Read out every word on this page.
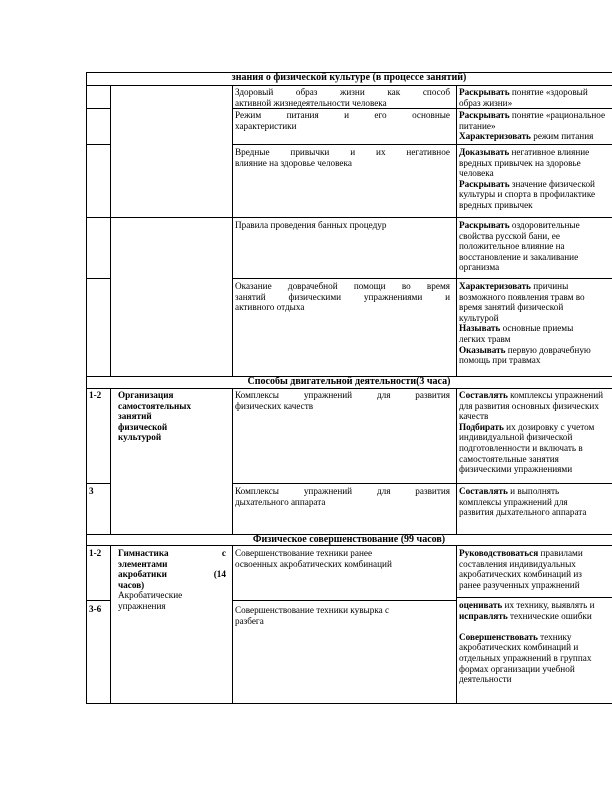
знания о физической культуре (в процессе занятий)
Способы двигательной деятельности(3 часа)
Физическое совершенствование (99 часов)
1-2
3
1-2
3-6
Здоровый образ жизни как способ
активной жизнедеятельности человека
Раскрывать понятие «здоровый
образ жизни»
Режим питания и его основные
характеристики
Раскрывать понятие «рациональное
питание»
Характеризовать режим питания
Вредные привычки и их негативное
влияние на здоровье человека
Доказывать негативное влияние
вредных привычек на здоровье
человека
Раскрывать значение физической
культуры и спорта в профилактике
вредных привычек
Правила проведения банных процедур	Раскрывать оздоровительные
свойства русской бани, ее
положительное влияние на
восстановление и закаливание
организма
Оказание доврачебной помощи во время
занятий физическими упражнениями и
активного отдыха
Характеризовать причины
возможного появления травм во
время занятий физической
культурой
Называть основные приемы
легких травм
Оказывать первую доврачебную
помощь при травмах
Организация
самостоятельных
занятий
физической
культурой
Комплексы упражнений для развития
физических качеств
Составлять комплексы упражнений
для развития основных физических
качеств
Подбирать их дозировку с учетом
индивидуальной физической
подготовленности и включать в
самостоятельные занятия
физическими упражнениями
Комплексы упражнений для развития
дыхательного аппарата
Составлять и выполнять
комплексы упражнений для
развития дыхательного аппарата
Гимнастика с
элементами
акробатики (14
часов)
Акробатические
упражнения
Совершенствование техники ранее
освоенных акробатических комбинаций
Руководствоваться правилами
составления индивидуальных
акробатических комбинаций из
ранее разученных упражнений
Совершенствование техники кувырка с
разбега
оценивать их технику, выявлять и
исправлять технические ошибки
Совершенствовать технику
акробатических комбинаций и
отдельных упражнений в группах
формах организации учебной
деятельности
